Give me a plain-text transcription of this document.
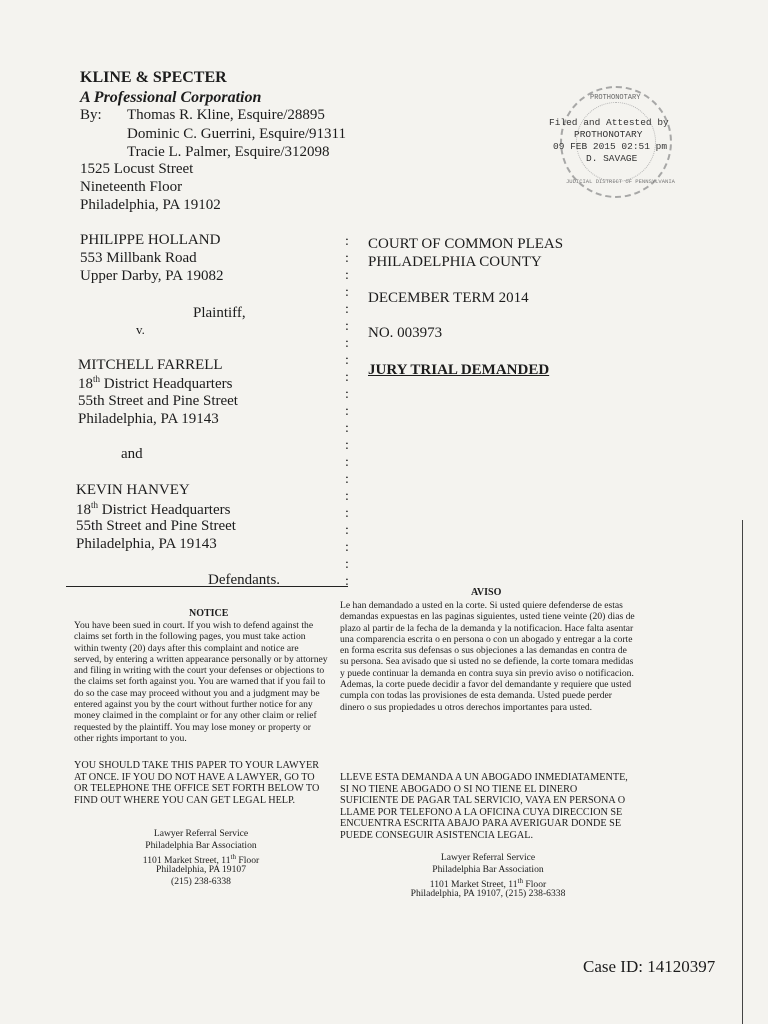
KLINE & SPECTER
A Professional Corporation
By: Thomas R. Kline, Esquire/28895
Dominic C. Guerrini, Esquire/91311
Tracie L. Palmer, Esquire/312098
1525 Locust Street
Nineteenth Floor
Philadelphia, PA 19102
PROTHONOTARY
Filed and Attested by
PROTHONOTARY
09 FEB 2015 02:51 pm
D. SAVAGE
JUDICIAL DISTRICT OF PENNSYLVANIA
PHILIPPE HOLLAND
553 Millbank Road
Upper Darby, PA 19082
Plaintiff,
v.
MITCHELL FARRELL
18th District Headquarters
55th Street and Pine Street
Philadelphia, PA 19143
and
KEVIN HANVEY
18th District Headquarters
55th Street and Pine Street
Philadelphia, PA 19143
Defendants.
:
:
:
:
:
:
:
:
:
:
:
:
:
:
:
:
:
:
:
:
:
COURT OF COMMON PLEAS
PHILADELPHIA COUNTY
DECEMBER TERM 2014
NO. 003973
JURY TRIAL DEMANDED
NOTICE
You have been sued in court. If you wish to defend against the claims set forth in the following pages, you must take action within twenty (20) days after this complaint and notice are served, by entering a written appearance personally or by attorney and filing in writing with the court your defenses or objections to the claims set forth against you. You are warned that if you fail to do so the case may proceed without you and a judgment may be entered against you by the court without further notice for any money claimed in the complaint or for any other claim or relief requested by the plaintiff. You may lose money or property or other rights important to you.
YOU SHOULD TAKE THIS PAPER TO YOUR LAWYER AT ONCE. IF YOU DO NOT HAVE A LAWYER, GO TO OR TELEPHONE THE OFFICE SET FORTH BELOW TO FIND OUT WHERE YOU CAN GET LEGAL HELP.
Lawyer Referral Service
Philadelphia Bar Association
1101 Market Street, 11th Floor
Philadelphia, PA 19107
(215) 238-6338
AVISO
Le han demandado a usted en la corte. Si usted quiere defenderse de estas demandas expuestas en las paginas siguientes, usted tiene veinte (20) dias de plazo al partir de la fecha de la demanda y la notificacion. Hace falta asentar una comparencia escrita o en persona o con un abogado y entregar a la corte en forma escrita sus defensas o sus objeciones a las demandas en contra de su persona. Sea avisado que si usted no se defiende, la corte tomara medidas y puede continuar la demanda en contra suya sin previo aviso o notificacion. Ademas, la corte puede decidir a favor del demandante y requiere que usted cumpla con todas las provisiones de esta demanda. Usted puede perder dinero o sus propiedades u otros derechos importantes para usted.
LLEVE ESTA DEMANDA A UN ABOGADO INMEDIATAMENTE, SI NO TIENE ABOGADO O SI NO TIENE EL DINERO SUFICIENTE DE PAGAR TAL SERVICIO, VAYA EN PERSONA O LLAME POR TELEFONO A LA OFICINA CUYA DIRECCION SE ENCUENTRA ESCRITA ABAJO PARA AVERIGUAR DONDE SE PUEDE CONSEGUIR ASISTENCIA LEGAL.
Lawyer Referral Service
Philadelphia Bar Association
1101 Market Street, 11th Floor
Philadelphia, PA 19107, (215) 238-6338
Case ID: 14120397
